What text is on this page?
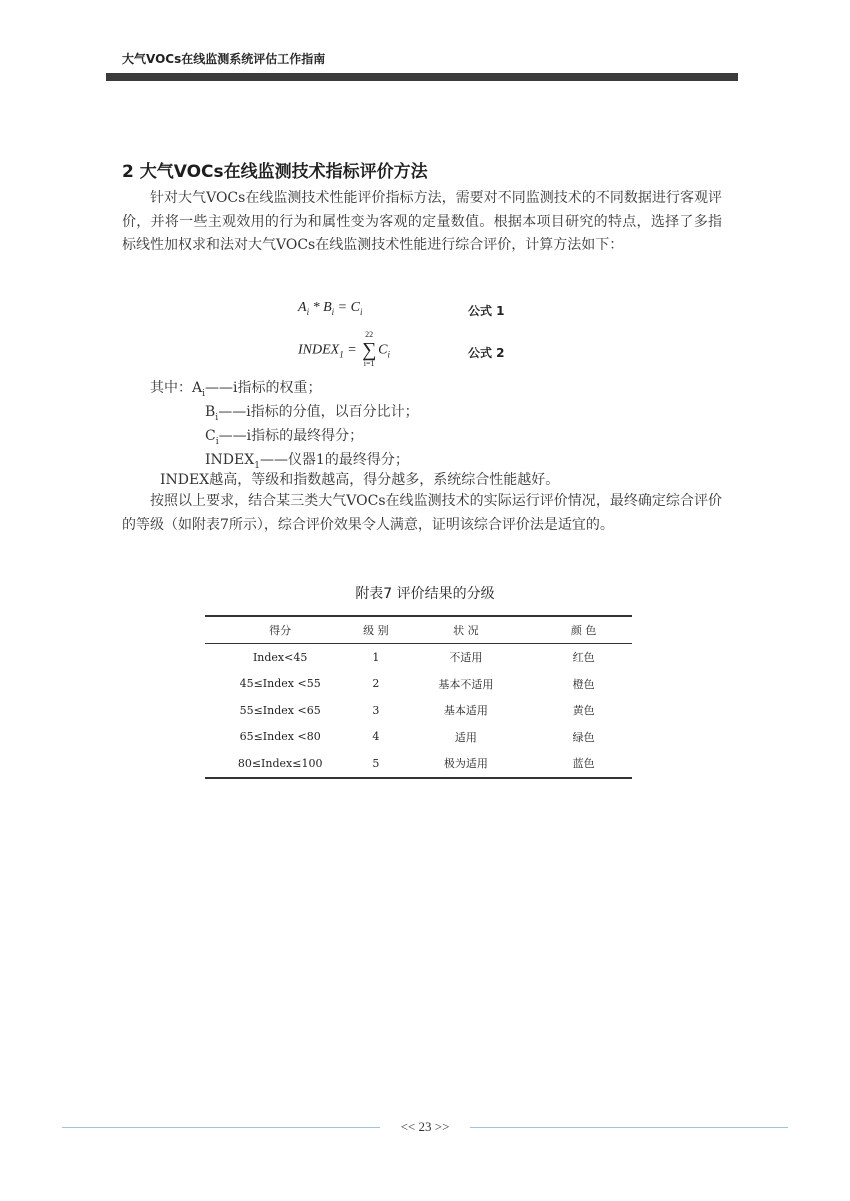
大气VOCs在线监测系统评估工作指南
2 大气VOCs在线监测技术指标评价方法
针对大气VOCs在线监测技术性能评价指标方法，需要对不同监测技术的不同数据进行客观评价，并将一些主观效用的行为和属性变为客观的定量数值。根据本项目研究的特点，选择了多指标线性加权求和法对大气VOCs在线监测技术性能进行综合评价，计算方法如下：
$A_i * B_i = C_i$	公式 1
$INDEX_1$ =
22
∑
i=1
$C_i$	公式 2
其中：$A_i——i$指标的权重；
$B_i——i$指标的分值，以百分比计；
$C_i——i$指标的最终得分；
$INDEX_1——$仪器1的最终得分；
INDEX越高，等级和指数越高，得分越多，系统综合性能越好。
按照以上要求，结合某三类大气VOCs在线监测技术的实际运行评价情况，最终确定综合评价的等级（如附表7所示），综合评价效果令人满意，证明该综合评价法是适宜的。
附表7 评价结果的分级
得分	级 别	状 况	颜 色
Index<45	1	不适用	红色
45≤Index <55	2	基本不适用	橙色
55≤Index <65	3	基本适用	黄色
65≤Index <80	4	适用	绿色
80≤Index≤100	5	极为适用	蓝色
<< 23 >>
